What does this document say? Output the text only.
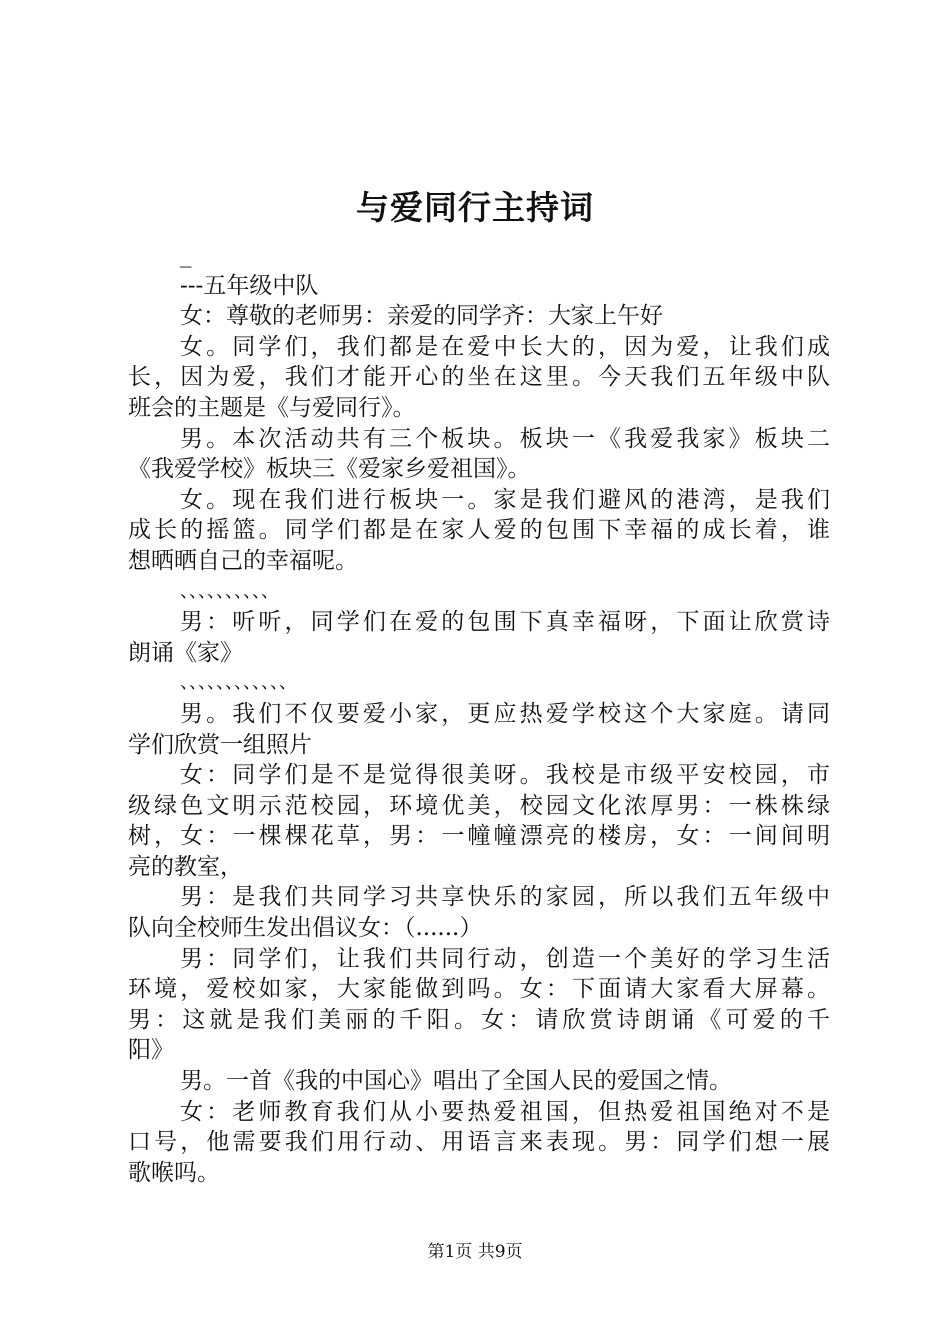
与爱同行主持词
_
---五年级中队
女：尊敬的老师男：亲爱的同学齐：大家上午好
女。同学们，我们都是在爱中长大的，因为爱，让我们成
长，因为爱，我们才能开心的坐在这里。今天我们五年级中队
班会的主题是《与爱同行》。
男。本次活动共有三个板块。板块一《我爱我家》板块二
《我爱学校》板块三《爱家乡爱祖国》。
女。现在我们进行板块一。家是我们避风的港湾，是我们
成长的摇篮。同学们都是在家人爱的包围下幸福的成长着，谁
想晒晒自己的幸福呢。
、、、、、、、、、、
男：听听，同学们在爱的包围下真幸福呀，下面让欣赏诗
朗诵《家》
、、、、、、、、、、、、
男。我们不仅要爱小家，更应热爱学校这个大家庭。请同
学们欣赏一组照片
女：同学们是不是觉得很美呀。我校是市级平安校园，市
级绿色文明示范校园，环境优美，校园文化浓厚男：一株株绿
树，女：一棵棵花草，男：一幢幢漂亮的楼房，女：一间间明
亮的教室，
男：是我们共同学习共享快乐的家园，所以我们五年级中
队向全校师生发出倡议女：（......）
男：同学们，让我们共同行动，创造一个美好的学习生活
环境，爱校如家，大家能做到吗。女：下面请大家看大屏幕。
男：这就是我们美丽的千阳。女：请欣赏诗朗诵《可爱的千
阳》
男。一首《我的中国心》唱出了全国人民的爱国之情。
女：老师教育我们从小要热爱祖国，但热爱祖国绝对不是
口号，他需要我们用行动、用语言来表现。男：同学们想一展
歌喉吗。
第1页 共9页
